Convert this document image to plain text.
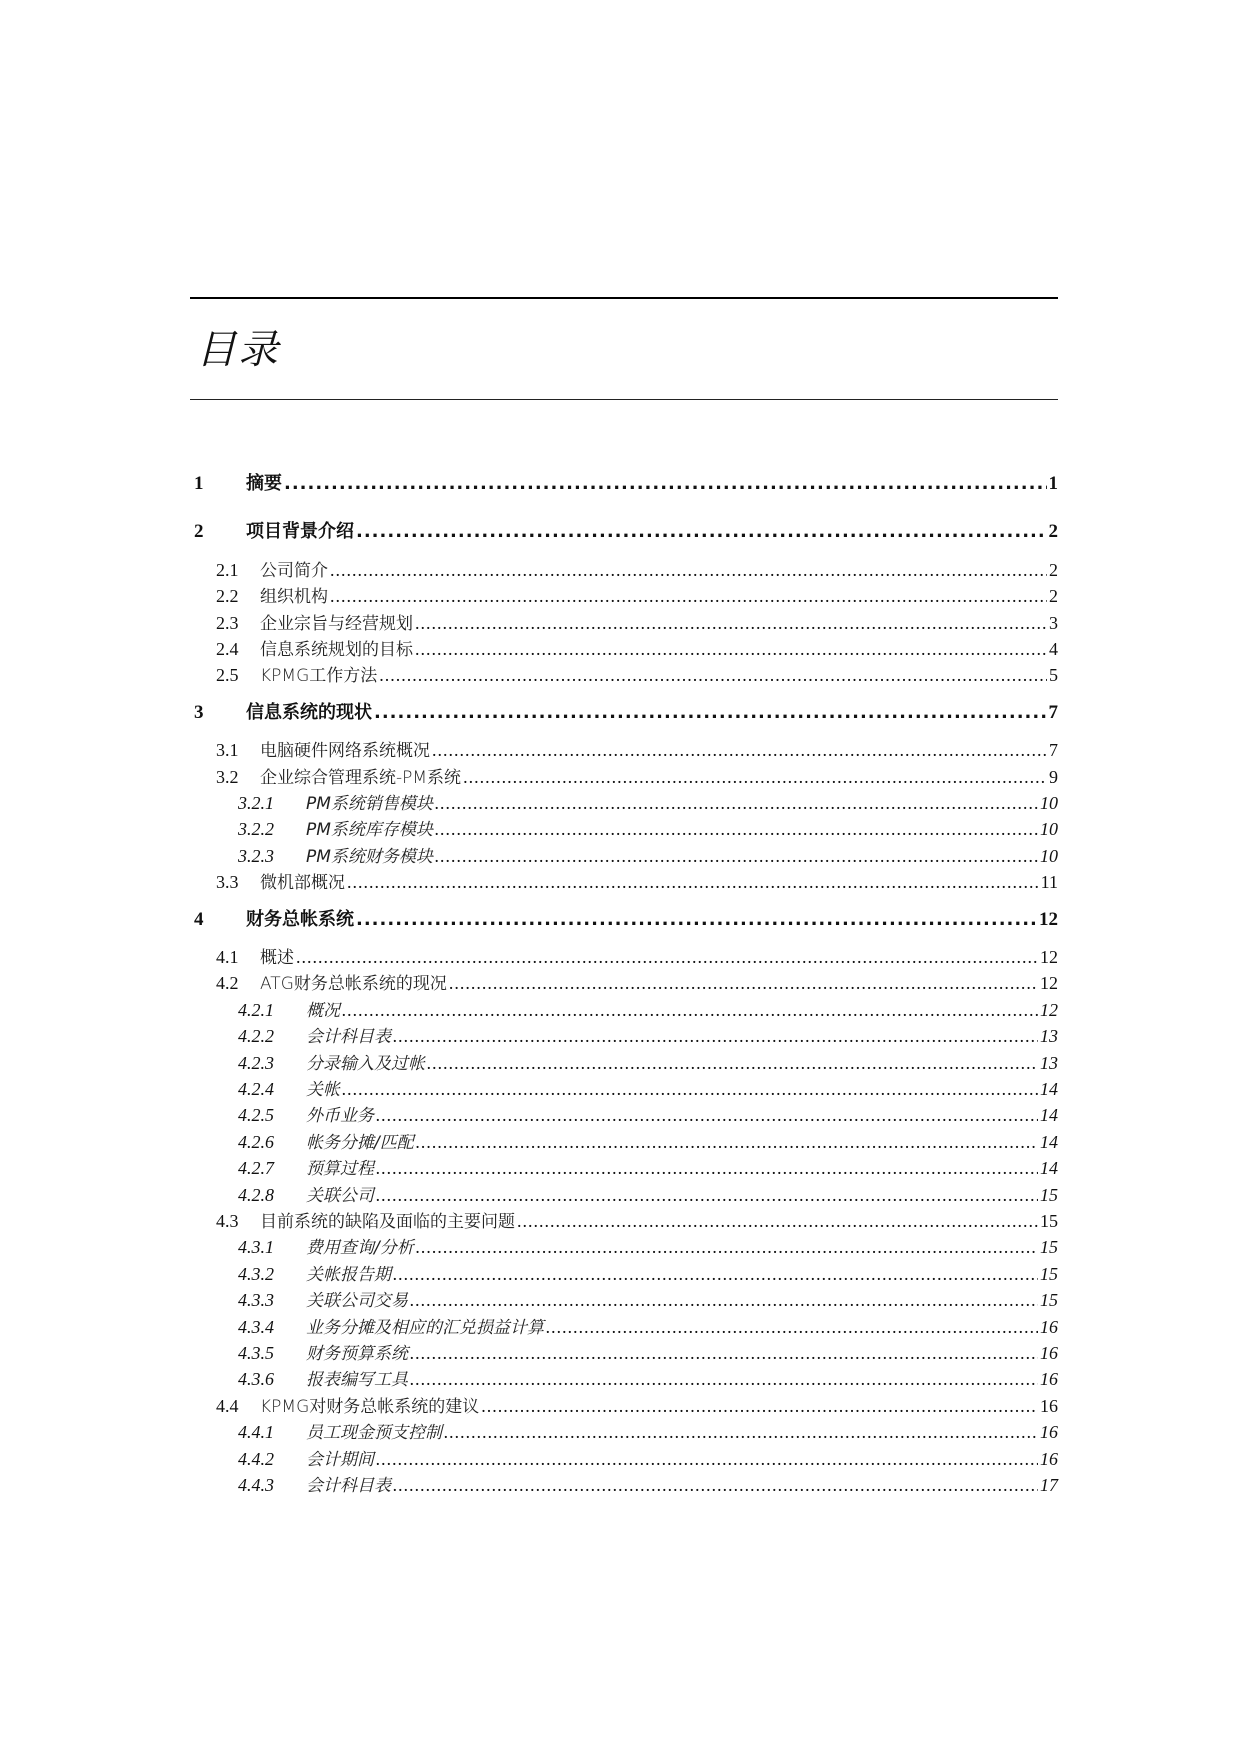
目录
1	摘要 .....	1
2	项目背景介绍 .....	2
2.1	公司简介 .....	2
2.2	组织机构 .....	2
2.3	企业宗旨与经营规划 .....	3
2.4	信息系统规划的目标 .....	4
2.5	KPMG工作方法 .....	5
3	信息系统的现状 .....	7
3.1	电脑硬件网络系统概况 .....	7
3.2	企业综合管理系统-PM系统 .....	9
3.2.1	PM系统销售模块 .....	10
3.2.2	PM系统库存模块 .....	10
3.2.3	PM系统财务模块 .....	10
3.3	微机部概况 .....	11
4	财务总帐系统 .....	12
4.1	概述 .....	12
4.2	ATG财务总帐系统的现况 .....	12
4.2.1	概况 .....	12
4.2.2	会计科目表 .....	13
4.2.3	分录输入及过帐 .....	13
4.2.4	关帐 .....	14
4.2.5	外币业务 .....	14
4.2.6	帐务分摊/匹配 .....	14
4.2.7	预算过程 .....	14
4.2.8	关联公司 .....	15
4.3	目前系统的缺陷及面临的主要问题 .....	15
4.3.1	费用查询/分析 .....	15
4.3.2	关帐报告期 .....	15
4.3.3	关联公司交易 .....	15
4.3.4	业务分摊及相应的汇兑损益计算 .....	16
4.3.5	财务预算系统 .....	16
4.3.6	报表编写工具 .....	16
4.4	KPMG对财务总帐系统的建议 .....	16
4.4.1	员工现金预支控制 .....	16
4.4.2	会计期间 .....	16
4.4.3	会计科目表 .....	17
